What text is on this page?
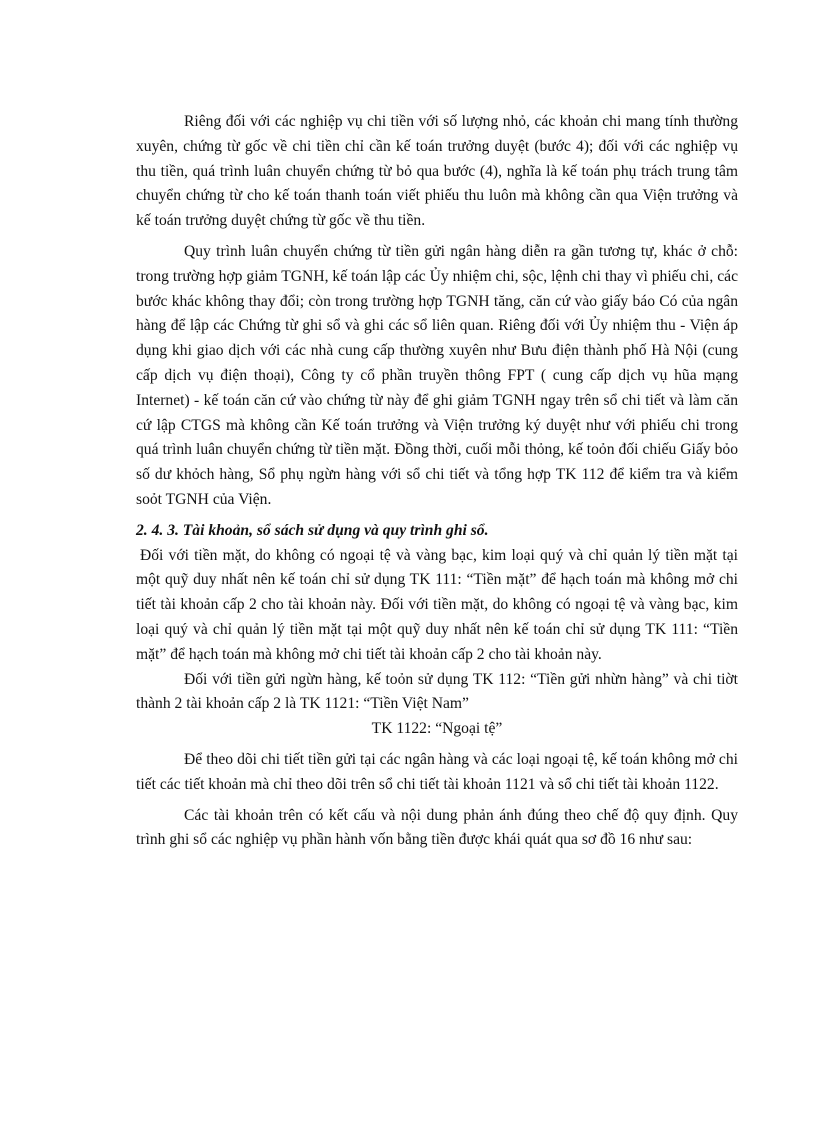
Riêng đối với các nghiệp vụ chi tiền với số lượng nhỏ, các khoản chi mang tính thường xuyên, chứng từ gốc về chi tiền chỉ cần kế toán trưởng duyệt (bước 4); đối với các nghiệp vụ thu tiền, quá trình luân chuyển chứng từ bỏ qua bước (4), nghĩa là kế toán phụ trách trung tâm chuyển chứng từ cho kế toán thanh toán viết phiếu thu luôn mà không cần qua Viện trưởng và kế toán trưởng duyệt chứng từ gốc về thu tiền.

Quy trình luân chuyển chứng từ tiền gửi ngân hàng diễn ra gần tương tự, khác ở chỗ: trong trường hợp giảm TGNH, kế toán lập các Ủy nhiệm chi, sộc, lệnh chi thay vì phiếu chi, các bước khác không thay đổi; còn trong trường hợp TGNH tăng, căn cứ vào giấy báo Có của ngân hàng để lập các Chứng từ ghi sổ và ghi các sổ liên quan. Riêng đối với Ủy nhiệm thu - Viện áp dụng khi giao dịch với các nhà cung cấp thường xuyên như Bưu điện thành phố Hà Nội (cung cấp dịch vụ điện thoại), Công ty cổ phần truyền thông FPT ( cung cấp dịch vụ hũa mạng Internet) - kế toán căn cứ vào chứng từ này để ghi giảm TGNH ngay trên sổ chi tiết và làm căn cứ lập CTGS mà không cần Kế toán trưởng và Viện trưởng ký duyệt như với phiếu chi trong quá trình luân chuyển chứng từ tiền mặt. Đồng thời, cuối mỗi thỏng, kế toỏn đối chiếu Giấy bỏo số dư khỏch hàng, Sổ phụ ngừn hàng với sổ chi tiết và tổng hợp TK 112 để kiểm tra và kiểm soỏt TGNH của Viện.

2. 4. 3. Tài khoản, sổ sách sử dụng và quy trình ghi sổ.

Đối với tiền mặt, do không có ngoại tệ và vàng bạc, kim loại quý và chỉ quản lý tiền mặt tại một quỹ duy nhất nên kế toán chỉ sử dụng TK 111: “Tiền mặt” để hạch toán mà không mở chi tiết tài khoản cấp 2 cho tài khoản này. Đối với tiền mặt, do không có ngoại tệ và vàng bạc, kim loại quý và chỉ quản lý tiền mặt tại một quỹ duy nhất nên kế toán chỉ sử dụng TK 111: “Tiền mặt” để hạch toán mà không mở chi tiết tài khoản cấp 2 cho tài khoản này.

Đối với tiền gửi ngừn hàng, kế toỏn sử dụng TK 112: “Tiền gửi nhừn hàng” và chi tiờt thành 2 tài khoản cấp 2 là TK 1121: “Tiền Việt Nam”

TK 1122: “Ngoại tệ”

Để theo dõi chi tiết tiền gửi tại các ngân hàng và các loại ngoại tệ, kế toán không mở chi tiết các tiết khoản mà chỉ theo dõi trên sổ chi tiết tài khoản 1121 và sổ chi tiết tài khoản 1122.

Các tài khoản trên có kết cấu và nội dung phản ánh đúng theo chế độ quy định. Quy trình ghi sổ các nghiệp vụ phần hành vốn bằng tiền được khái quát qua sơ đồ 16 như sau:
